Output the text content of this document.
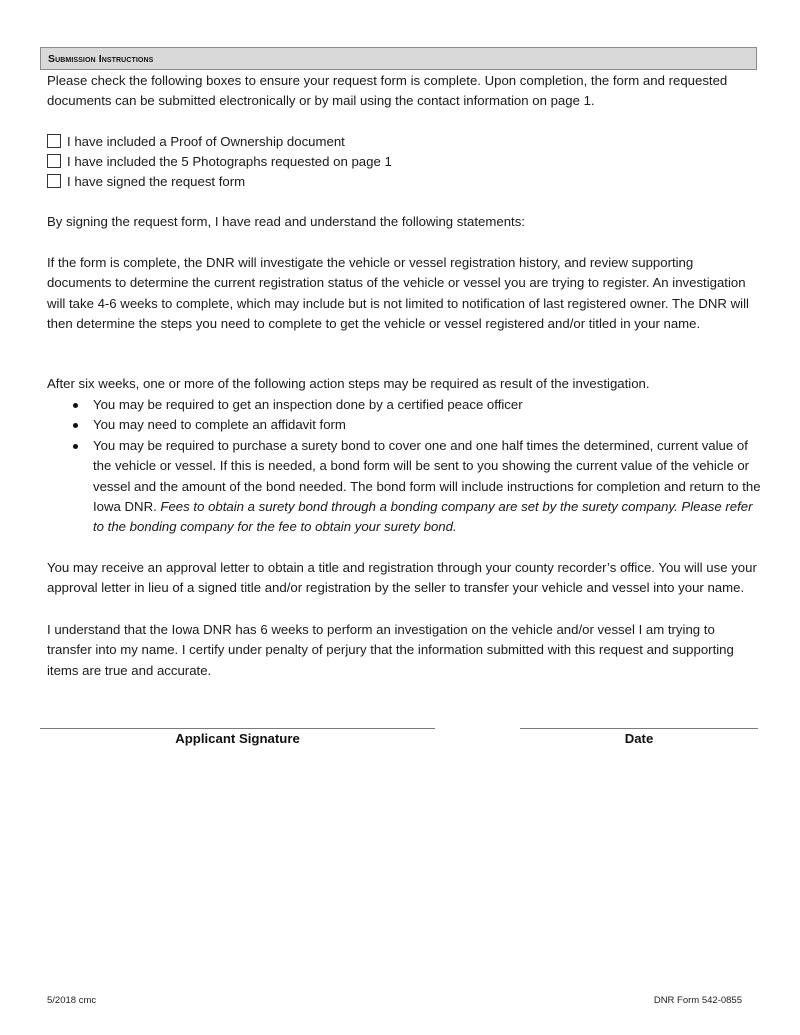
Submission Instructions
Please check the following boxes to ensure your request form is complete. Upon completion, the form and requested documents can be submitted electronically or by mail using the contact information on page 1.
I have included a Proof of Ownership document
I have included the 5 Photographs requested on page 1
I have signed the request form
By signing the request form, I have read and understand the following statements:
If the form is complete, the DNR will investigate the vehicle or vessel registration history, and review supporting documents to determine the current registration status of the vehicle or vessel you are trying to register. An investigation will take 4-6 weeks to complete, which may include but is not limited to notification of last registered owner. The DNR will then determine the steps you need to complete to get the vehicle or vessel registered and/or titled in your name.
After six weeks, one or more of the following action steps may be required as result of the investigation.
You may be required to get an inspection done by a certified peace officer
You may need to complete an affidavit form
You may be required to purchase a surety bond to cover one and one half times the determined, current value of the vehicle or vessel. If this is needed, a bond form will be sent to you showing the current value of the vehicle or vessel and the amount of the bond needed. The bond form will include instructions for completion and return to the Iowa DNR. Fees to obtain a surety bond through a bonding company are set by the surety company. Please refer to the bonding company for the fee to obtain your surety bond.
You may receive an approval letter to obtain a title and registration through your county recorder’s office. You will use your approval letter in lieu of a signed title and/or registration by the seller to transfer your vehicle and vessel into your name.
I understand that the Iowa DNR has 6 weeks to perform an investigation on the vehicle and/or vessel I am trying to transfer into my name. I certify under penalty of perjury that the information submitted with this request and supporting items are true and accurate.
Applicant Signature	Date
5/2018 cmc	DNR Form 542-0855
